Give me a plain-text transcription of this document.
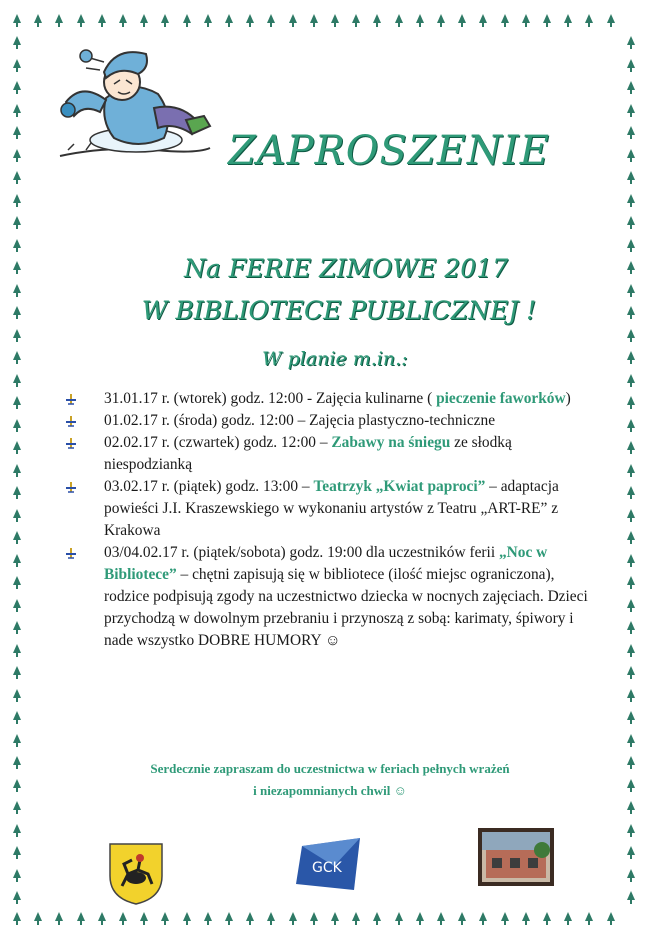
ZAPROSZENIE
Na FERIE ZIMOWE 2017
W BIBLIOTECE PUBLICZNEJ !
W planie m.in.:
31.01.17 r. (wtorek) godz. 12:00 - Zajęcia kulinarne ( pieczenie faworków)
01.02.17 r. (środa) godz. 12:00 – Zajęcia plastyczno-techniczne
02.02.17 r. (czwartek) godz. 12:00 – Zabawy na śniegu ze słodką niespodzianką
03.02.17 r. (piątek) godz. 13:00 – Teatrzyk „Kwiat paproci” – adaptacja powieści J.I. Kraszewskiego w wykonaniu artystów z Teatru „ART-RE” z Krakowa
03/04.02.17 r. (piątek/sobota) godz. 19:00 dla uczestników ferii „Noc w Bibliotece” – chętni zapisują się w bibliotece (ilość miejsc ograniczona), rodzice podpisują zgody na uczestnictwo dziecka w nocnych zajęciach. Dzieci przychodzą w dowolnym przebraniu i przynoszą z sobą: karimaty, śpiwory i nade wszystko DOBRE HUMORY ☺
Serdecznie zapraszam do uczestnictwa w feriach pełnych wrażeń
i niezapomnianych chwil ☺
GCK
